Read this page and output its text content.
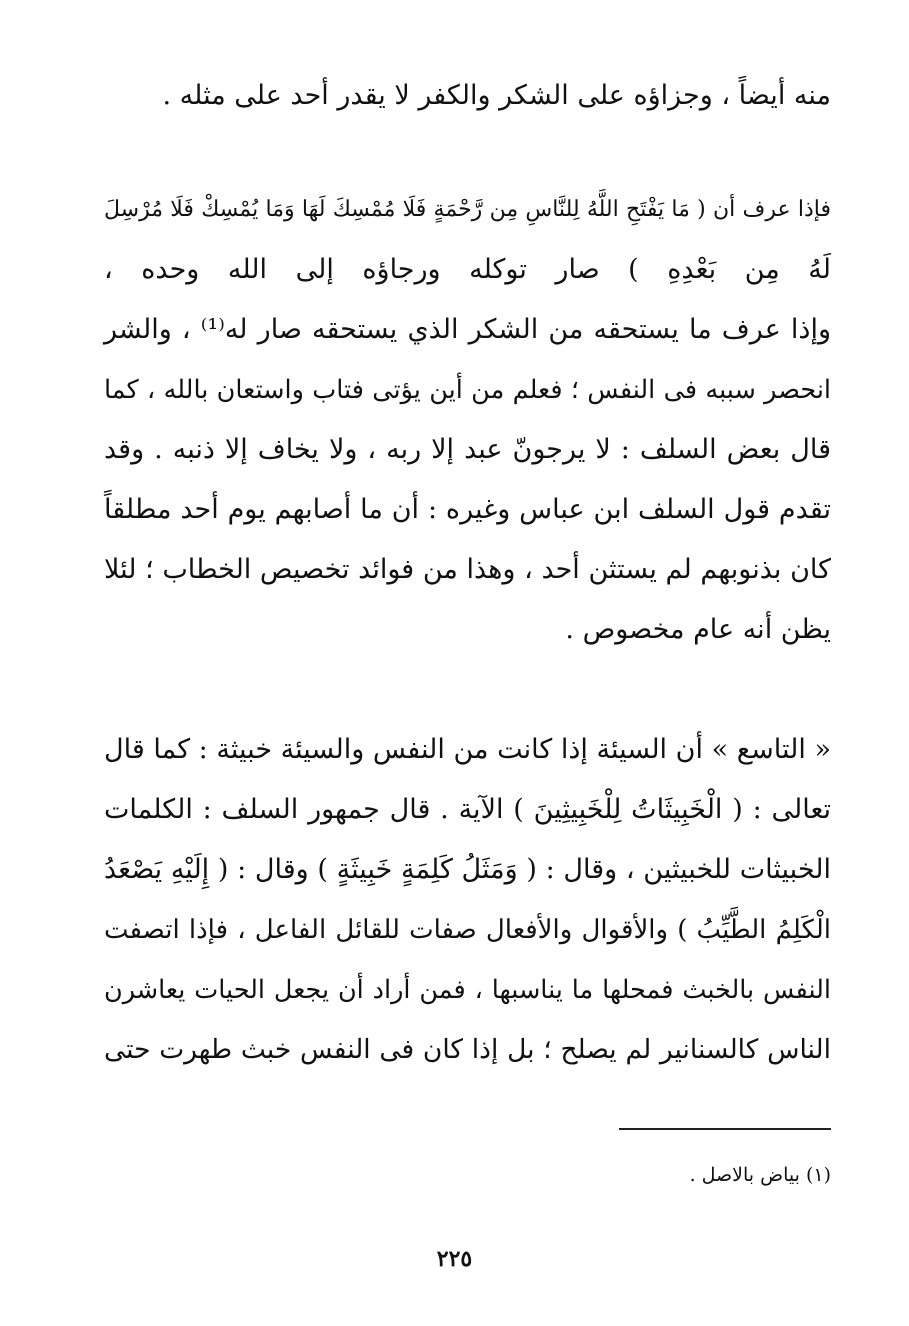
منه أيضاً ، وجزاؤه على الشكر والكفر لا يقدر أحد على مثله .
فإذا عرف أن ( مَا يَفْتَحِ اللَّهُ لِلنَّاسِ مِن رَّحْمَةٍ فَلَا مُمْسِكَ لَهَا وَمَا يُمْسِكْ فَلَا مُرْسِلَ
لَهُ مِن بَعْدِهِ ) صار توكله ورجاؤه إلى الله وحده ،
وإذا عرف ما يستحقه من الشكر الذي يستحقه صار له⁽¹⁾ ، والشر
انحصر سببه فى النفس ؛ فعلم من أين يؤتى فتاب واستعان بالله ، كما
قال بعض السلف : لا يرجونّ عبد إلا ربه ، ولا يخاف إلا ذنبه . وقد
تقدم قول السلف ابن عباس وغيره : أن ما أصابهم يوم أحد مطلقاً
كان بذنوبهم لم يستثن أحد ، وهذا من فوائد تخصيص الخطاب ؛ لئلا
يظن أنه عام مخصوص .
« التاسع » أن السيئة إذا كانت من النفس والسيئة خبيثة : كما قال
تعالى : ( الْخَبِيثَاتُ لِلْخَبِيثِينَ ) الآية . قال جمهور السلف : الكلمات
الخبيثات للخبيثين ، وقال : ( وَمَثَلُ كَلِمَةٍ خَبِيثَةٍ ) وقال : ( إِلَيْهِ يَصْعَدُ
الْكَلِمُ الطَّيِّبُ ) والأقوال والأفعال صفات للقائل الفاعل ، فإذا اتصفت
النفس بالخبث فمحلها ما يناسبها ، فمن أراد أن يجعل الحيات يعاشرن
الناس كالسنانير لم يصلح ؛ بل إذا كان فى النفس خبث طهرت حتى
(١) بياض بالاصل .
٢٢٥
